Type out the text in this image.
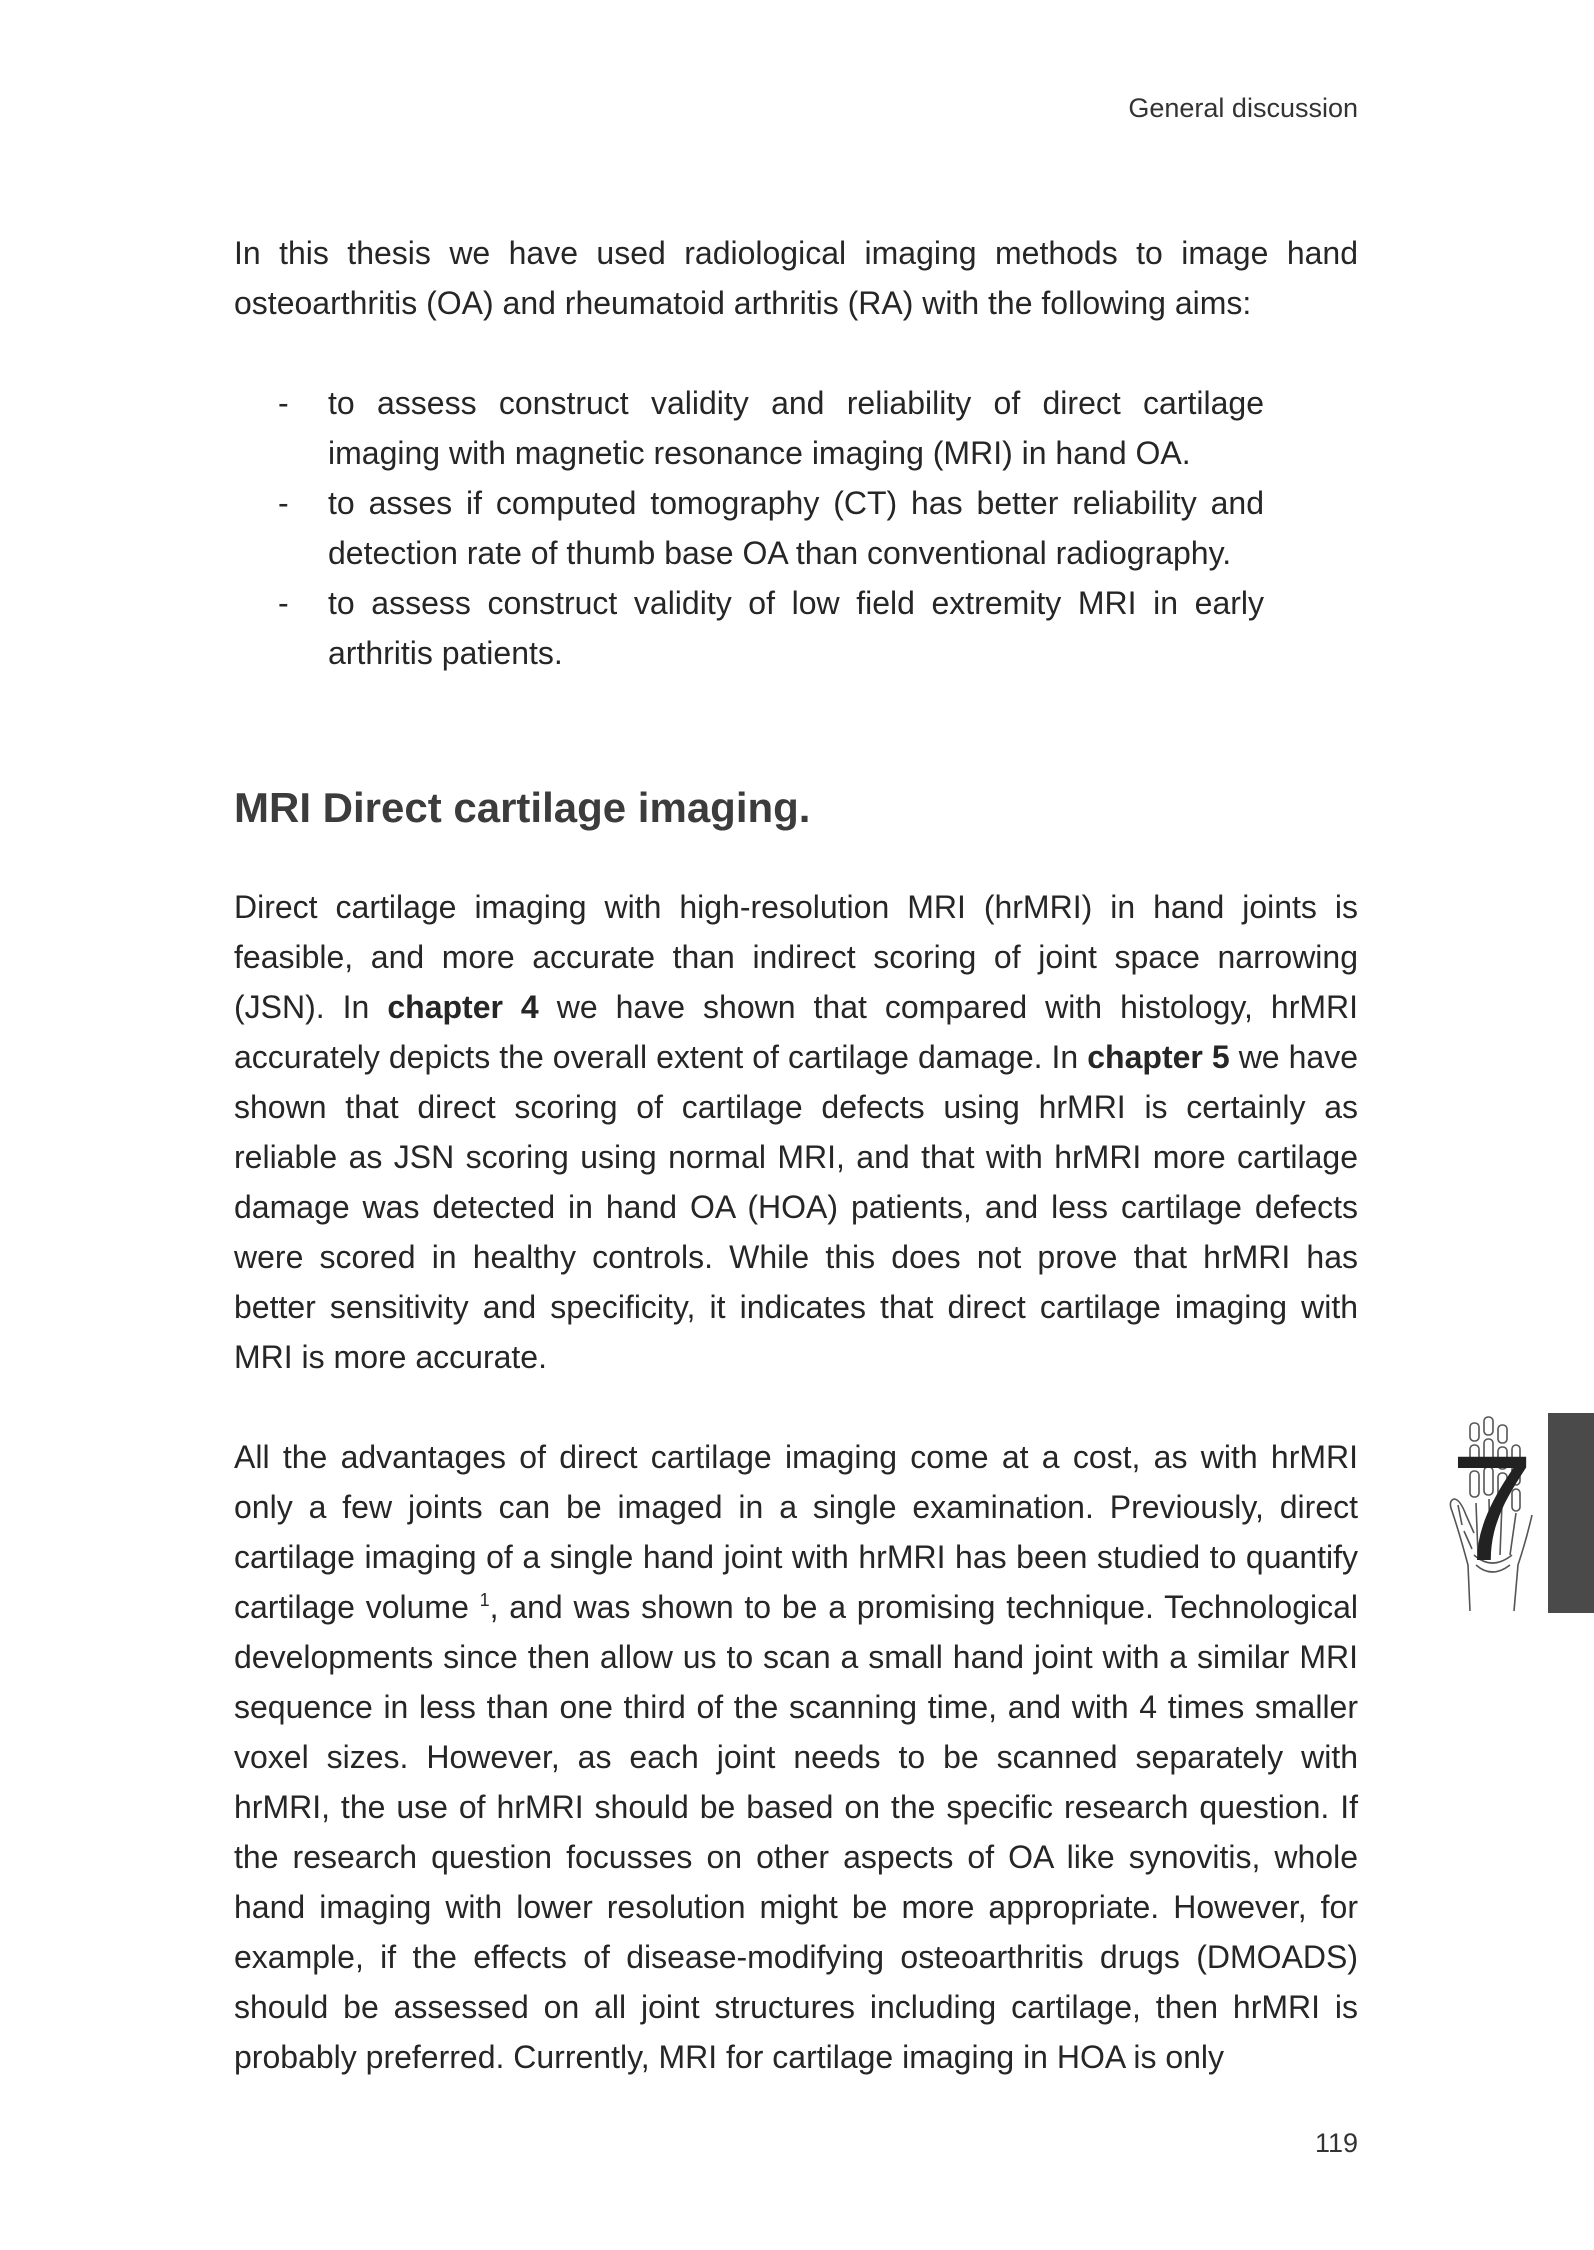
General discussion

In this thesis we have used radiological imaging methods to image hand osteoarthritis (OA) and rheumatoid arthritis (RA) with the following aims:

- to assess construct validity and reliability of direct cartilage imaging with magnetic resonance imaging (MRI) in hand OA.
- to asses if computed tomography (CT) has better reliability and detection rate of thumb base OA than conventional radiography.
- to assess construct validity of low field extremity MRI in early arthritis patients.
MRI Direct cartilage imaging.

Direct cartilage imaging with high-resolution MRI (hrMRI) in hand joints is feasible, and more accurate than indirect scoring of joint space narrowing (JSN). In chapter 4 we have shown that compared with histology, hrMRI accurately depicts the overall extent of cartilage damage. In chapter 5 we have shown that direct scoring of cartilage defects using hrMRI is certainly as reliable as JSN scoring using normal MRI, and that with hrMRI more cartilage damage was detected in hand OA (HOA) patients, and less cartilage defects were scored in healthy controls. While this does not prove that hrMRI has better sensitivity and specificity, it indicates that direct cartilage imaging with MRI is more accurate.

All the advantages of direct cartilage imaging come at a cost, as with hrMRI only a few joints can be imaged in a single examination. Previously, direct cartilage imaging of a single hand joint with hrMRI has been studied to quantify cartilage volume $^1$, and was shown to be a promising technique. Technological developments since then allow us to scan a small hand joint with a similar MRI sequence in less than one third of the scanning time, and with 4 times smaller voxel sizes. However, as each joint needs to be scanned separately with hrMRI, the use of hrMRI should be based on the specific research question. If the research question focusses on other aspects of OA like synovitis, whole hand imaging with lower resolution might be more appropriate. However, for example, if the effects of disease-modifying osteoarthritis drugs (DMOADS) should be assessed on all joint structures including cartilage, then hrMRI is probably preferred. Currently, MRI for cartilage imaging in HOA is only

7
119
